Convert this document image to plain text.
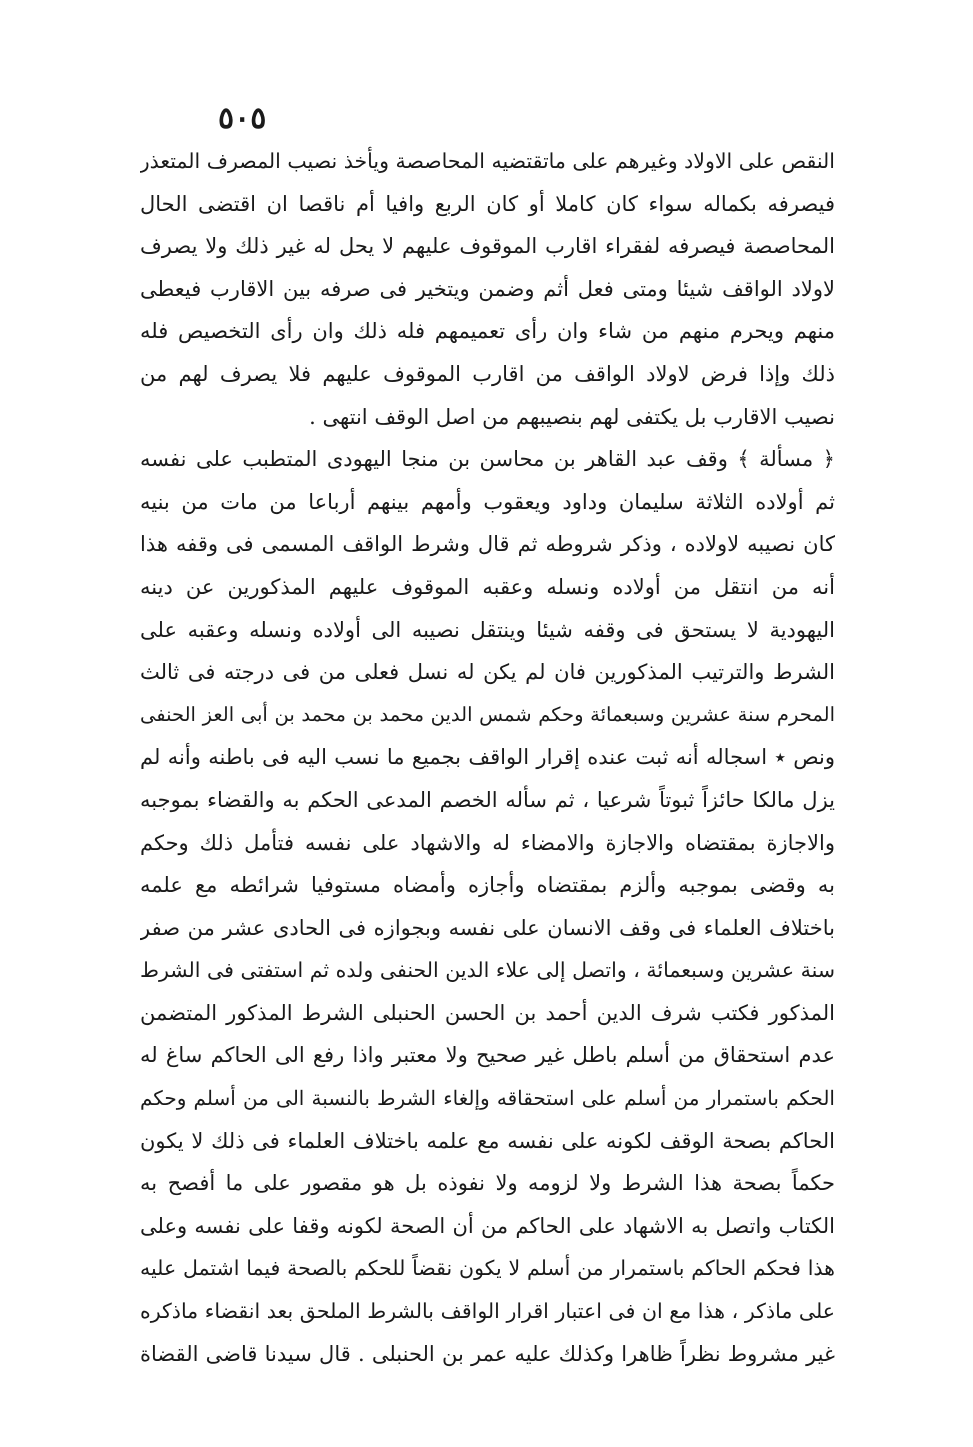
٥٠٥
النقص على الاولاد وغيرهم على ماتقتضيه المحاصصة ويأخذ نصيب المصرف المتعذر
فيصرفه بكماله سواء كان كاملا أو كان الربع وافيا أم ناقصا ان اقتضى الحال
المحاصصة فيصرفه لفقراء اقارب الموقوف عليهم لا يحل له غير ذلك ولا يصرف
لاولاد الواقف شيئا ومتى فعل أثم وضمن ويتخير فى صرفه بين الاقارب فيعطى
منهم ويحرم منهم من شاء وان رأى تعميمهم فله ذلك وان رأى التخصيص فله
ذلك وإذا فرض لاولاد الواقف من اقارب الموقوف عليهم فلا يصرف لهم من
نصيب الاقارب بل يكتفى لهم بنصيبهم من اصل الوقف انتهى .
﴿ مسألة ﴾ وقف عبد القاهر بن محاسن بن منجا اليهودى المتطبب على نفسه
ثم أولاده الثلاثة سليمان وداود ويعقوب وأمهم بينهم أرباعا من مات من بنيه
كان نصيبه لاولاده ، وذكر شروطه ثم قال وشرط الواقف المسمى فى وقفه هذا
أنه من انتقل من أولاده ونسله وعقبه الموقوف عليهم المذكورين عن دينه
اليهودية لا يستحق فى وقفه شيئا وينتقل نصيبه الى أولاده ونسله وعقبه على
الشرط والترتيب المذكورين فان لم يكن له نسل فعلى من فى درجته فى ثالث
المحرم سنة عشرين وسبعمائة وحكم شمس الدين محمد بن محمد بن أبى العز الحنفى
ونص ٭ اسجاله أنه ثبت عنده إقرار الواقف بجميع ما نسب اليه فى باطنه وأنه لم
يزل مالكا حائزاً ثبوتاً شرعيا ، ثم سأله الخصم المدعى الحكم به والقضاء بموجبه
والاجازة بمقتضاه والاجازة والامضاء له والاشهاد على نفسه فتأمل ذلك وحكم
به وقضى بموجبه وألزم بمقتضاه وأجازه وأمضاه مستوفيا شرائطه مع علمه
باختلاف العلماء فى وقف الانسان على نفسه وبجوازه فى الحادى عشر من صفر
سنة عشرين وسبعمائة ، واتصل إلى علاء الدين الحنفى ولده ثم استفتى فى الشرط
المذكور فكتب شرف الدين أحمد بن الحسن الحنبلى الشرط المذكور المتضمن
عدم استحقاق من أسلم باطل غير صحيح ولا معتبر واذا رفع الى الحاكم ساغ له
الحكم باستمرار من أسلم على استحقاقه وإلغاء الشرط بالنسبة الى من أسلم وحكم
الحاكم بصحة الوقف لكونه على نفسه مع علمه باختلاف العلماء فى ذلك لا يكون
حكماً بصحة هذا الشرط ولا لزومه ولا نفوذه بل هو مقصور على ما أفصح به
الكتاب واتصل به الاشهاد على الحاكم من أن الصحة لكونه وقفا على نفسه وعلى
هذا فحكم الحاكم باستمرار من أسلم لا يكون نقضاً للحكم بالصحة فيما اشتمل عليه
على ماذكر ، هذا مع ان فى اعتبار اقرار الواقف بالشرط الملحق بعد انقضاء ماذكره
غير مشروط نظراً ظاهرا وكذلك عليه عمر بن الحنبلى . قال سيدنا قاضى القضاة
